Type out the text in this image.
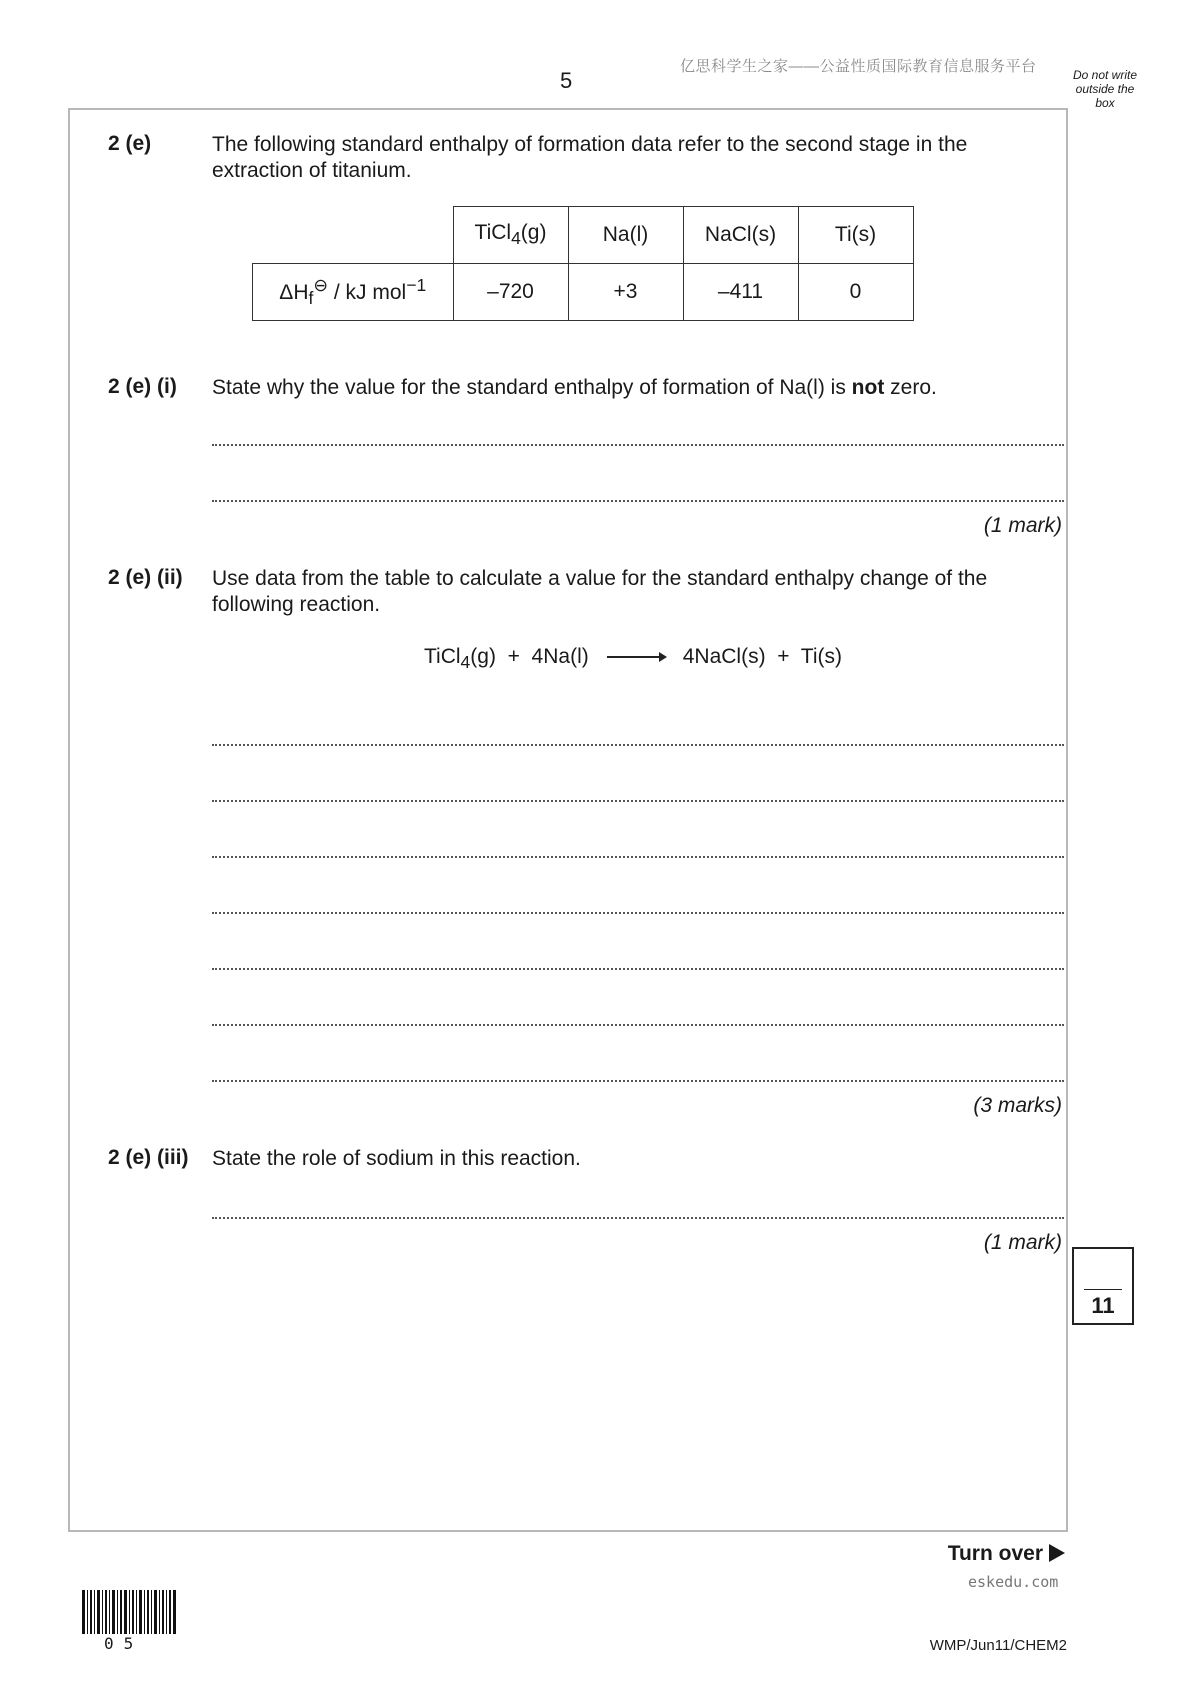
5
亿思科学生之家——公益性质国际教育信息服务平台	Do not write
outside the
box
2 (e)	The following standard enthalpy of formation data refer to the second stage in the extraction of titanium.
	TiCl$_4$(g)	Na(l)	NaCl(s)	Ti(s)
$\Delta H_f^⊖$ / kJ mol$^{-1}$	–720	+3	–411	0
2 (e) (i) State why the value for the standard enthalpy of formation of Na(l) is not zero.
(1 mark)
2 (e) (ii) Use data from the table to calculate a value for the standard enthalpy change of the following reaction.
TiCl$_4$(g)  +  4Na(l) → 4NaCl(s)  +  Ti(s)
(3 marks)
2 (e) (iii) State the role of sodium in this reaction.
(1 mark)
11
Turn over
eskedu.com
05	WMP/Jun11/CHEM2
